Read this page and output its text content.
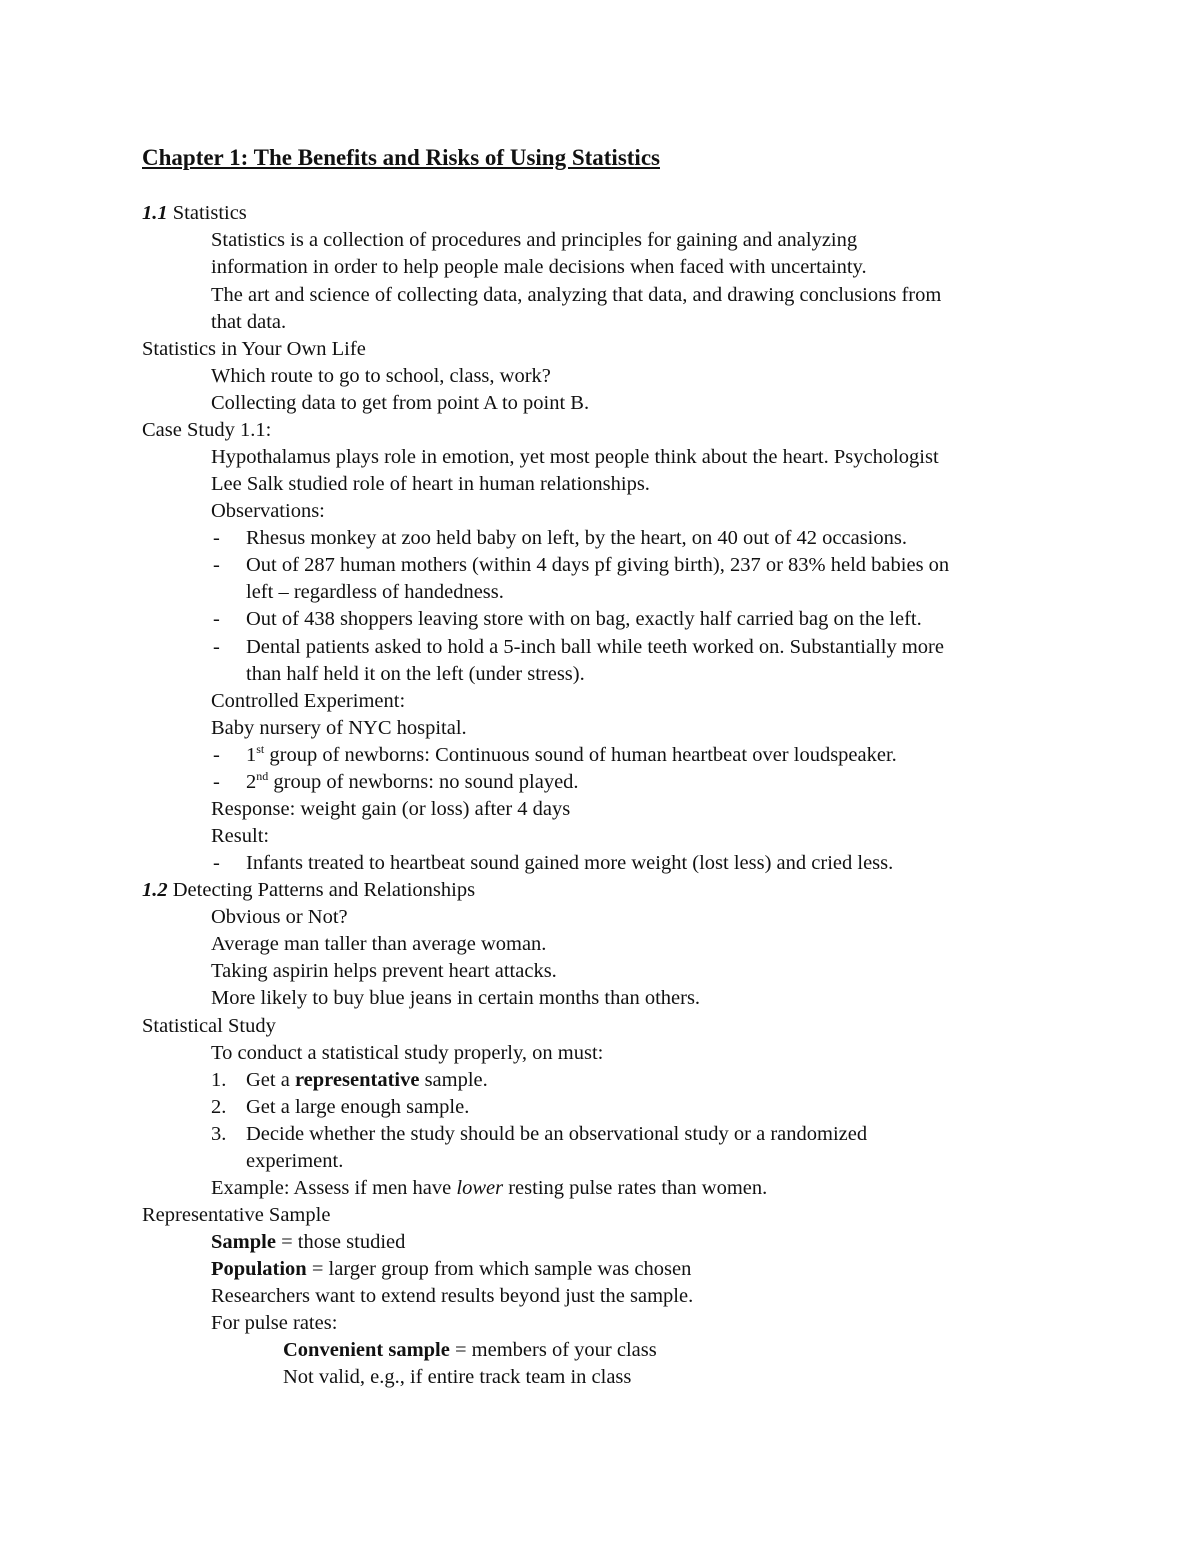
Chapter 1: The Benefits and Risks of Using Statistics
1.1 Statistics
Statistics is a collection of procedures and principles for gaining and analyzing
information in order to help people male decisions when faced with uncertainty.
The art and science of collecting data, analyzing that data, and drawing conclusions from
that data.
Statistics in Your Own Life
Which route to go to school, class, work?
Collecting data to get from point A to point B.
Case Study 1.1:
Hypothalamus plays role in emotion, yet most people think about the heart. Psychologist
Lee Salk studied role of heart in human relationships.
Observations:
- Rhesus monkey at zoo held baby on left, by the heart, on 40 out of 42 occasions.
- Out of 287 human mothers (within 4 days pf giving birth), 237 or 83% held babies on
left – regardless of handedness.
- Out of 438 shoppers leaving store with on bag, exactly half carried bag on the left.
- Dental patients asked to hold a 5-inch ball while teeth worked on. Substantially more
than half held it on the left (under stress).
Controlled Experiment:
Baby nursery of NYC hospital.
- 1st group of newborns: Continuous sound of human heartbeat over loudspeaker.
- 2nd group of newborns: no sound played.
Response: weight gain (or loss) after 4 days
Result:
- Infants treated to heartbeat sound gained more weight (lost less) and cried less.
1.2 Detecting Patterns and Relationships
Obvious or Not?
Average man taller than average woman.
Taking aspirin helps prevent heart attacks.
More likely to buy blue jeans in certain months than others.
Statistical Study
To conduct a statistical study properly, on must:
1. Get a representative sample.
2. Get a large enough sample.
3. Decide whether the study should be an observational study or a randomized
experiment.
Example: Assess if men have lower resting pulse rates than women.
Representative Sample
Sample = those studied
Population = larger group from which sample was chosen
Researchers want to extend results beyond just the sample.
For pulse rates:
Convenient sample = members of your class
Not valid, e.g., if entire track team in class
